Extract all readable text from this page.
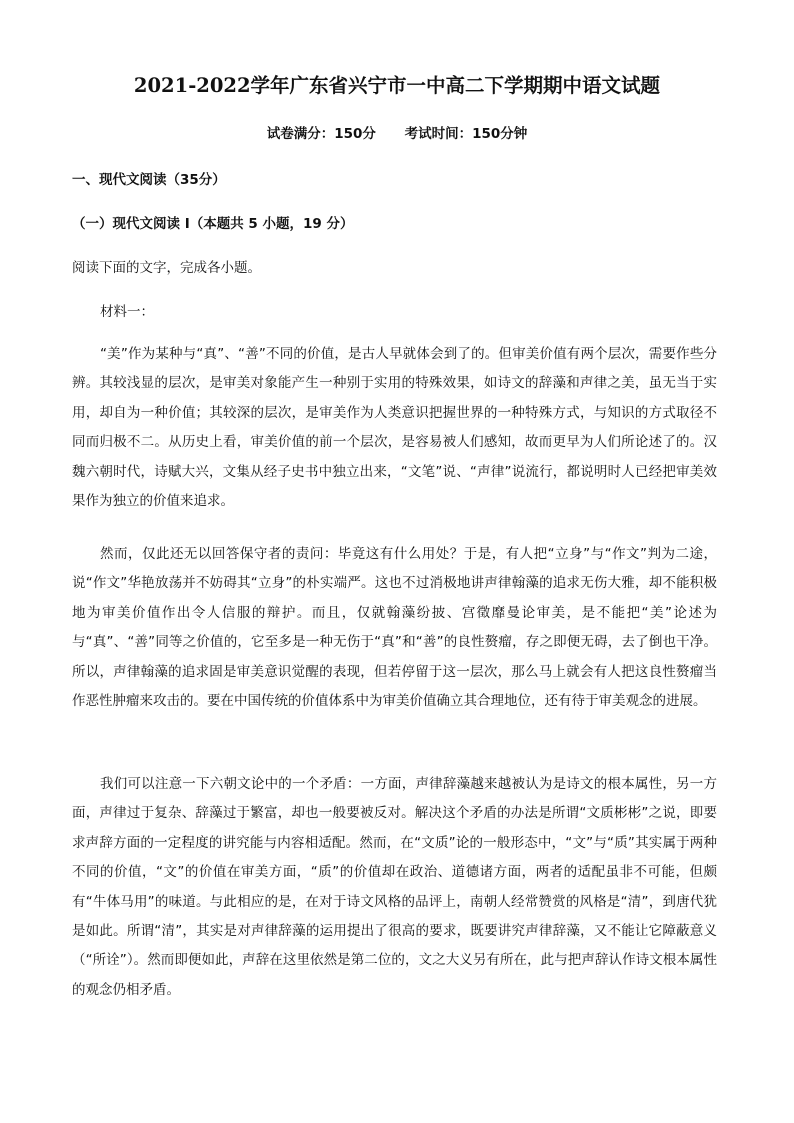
2021-2022学年广东省兴宁市一中高二下学期期中语文试题
试卷满分：150分 考试时间：150分钟
一、现代文阅读（35分）
（一）现代文阅读 I（本题共 5 小题，19 分）
阅读下面的文字，完成各小题。
材料一：

“美”作为某种与“真”、“善”不同的价值，是古人早就体会到了的。但审美价值有两个层次，需要作些分辨。其较浅显的层次，是审美对象能产生一种别于实用的特殊效果，如诗文的辞藻和声律之美，虽无当于实用，却自为一种价值；其较深的层次，是审美作为人类意识把握世界的一种特殊方式，与知识的方式取径不同而归极不二。从历史上看，审美价值的前一个层次，是容易被人们感知，故而更早为人们所论述了的。汉魏六朝时代，诗赋大兴，文集从经子史书中独立出来，“文笔”说、“声律”说流行，都说明时人已经把审美效果作为独立的价值来追求。

然而，仅此还无以回答保守者的责问：毕竟这有什么用处？于是，有人把“立身”与“作文”判为二途，说“作文”华艳放荡并不妨碍其“立身”的朴实端严。这也不过消极地讲声律翰藻的追求无伤大雅，却不能积极地为审美价值作出令人信服的辩护。而且，仅就翰藻纷披、宫徵靡曼论审美，是不能把“美”论述为与“真”、“善”同等之价值的，它至多是一种无伤于“真”和“善”的良性赘瘤，存之即便无碍，去了倒也干净。所以，声律翰藻的追求固是审美意识觉醒的表现，但若停留于这一层次，那么马上就会有人把这良性赘瘤当作恶性肿瘤来攻击的。要在中国传统的价值体系中为审美价值确立其合理地位，还有待于审美观念的进展。

我们可以注意一下六朝文论中的一个矛盾：一方面，声律辞藻越来越被认为是诗文的根本属性，另一方面，声律过于复杂、辞藻过于繁富，却也一般要被反对。解决这个矛盾的办法是所谓“文质彬彬”之说，即要求声辞方面的一定程度的讲究能与内容相适配。然而，在“文质”论的一般形态中，“文”与“质”其实属于两种不同的价值，“文”的价值在审美方面，“质”的价值却在政治、道德诸方面，两者的适配虽非不可能，但颇有“牛体马用”的味道。与此相应的是，在对于诗文风格的品评上，南朝人经常赞赏的风格是“清”，到唐代犹是如此。所谓“清”，其实是对声律辞藻的运用提出了很高的要求，既要讲究声律辞藻，又不能让它障蔽意义（“所诠”）。然而即便如此，声辞在这里依然是第二位的，文之大义另有所在，此与把声辞认作诗文根本属性的观念仍相矛盾。
